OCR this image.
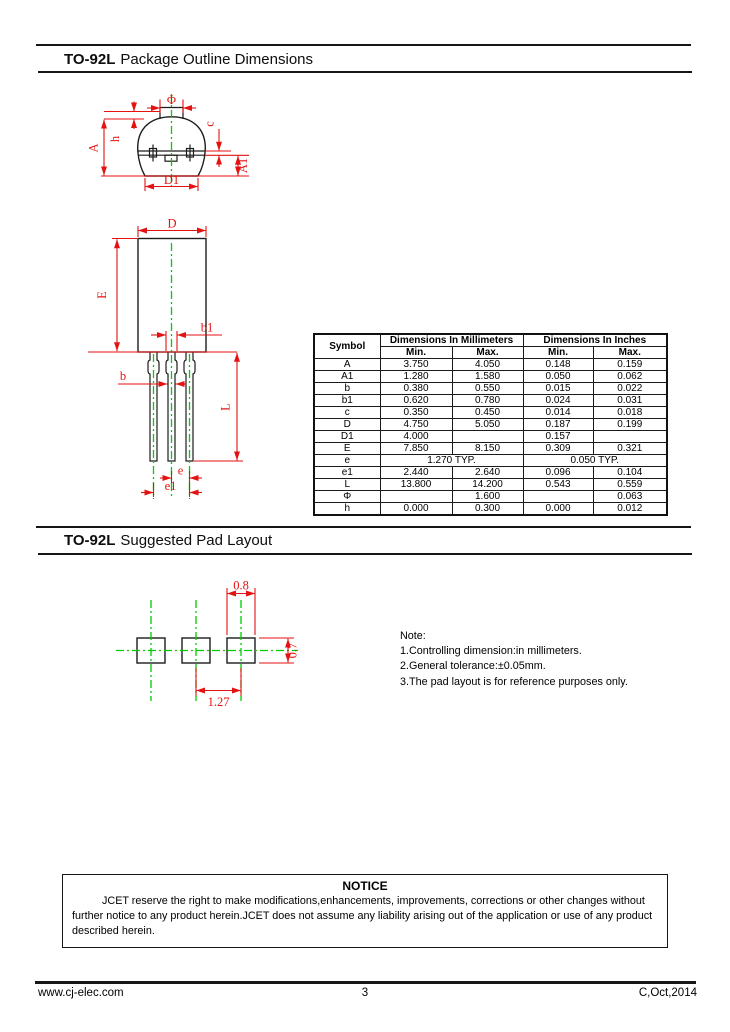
TO-92L Package Outline Dimensions
Φ
h
A
c
A1
D1
D
E
b1
b
L
e
e1
Symbol	Dimensions In Millimeters		Dimensions In Inches	
	Min.	Max.	Min.	Max.
A	3.750	4.050	0.148	0.159
A1	1.280	1.580	0.050	0.062
b	0.380	0.550	0.015	0.022
b1	0.620	0.780	0.024	0.031
c	0.350	0.450	0.014	0.018
D	4.750	5.050	0.187	0.199
D1	4.000		0.157	
E	7.850	8.150	0.309	0.321
e	1.270 TYP.		0.050 TYP.	
e1	2.440	2.640	0.096	0.104
L	13.800	14.200	0.543	0.559
Φ		1.600		0.063
h	0.000	0.300	0.000	0.012
TO-92L Suggested Pad Layout
0.8
0.7
1.27
Note:
1.Controlling dimension:in millimeters.
2.General tolerance:±0.05mm.
3.The pad layout is for reference purposes only.
NOTICE

JCET reserve the right to make modifications,enhancements, improvements, corrections or other changes without further notice to any product herein.JCET does not assume any liability arising out of the application or use of any product described herein.

www.cj-elec.com	3	C,Oct,2014
